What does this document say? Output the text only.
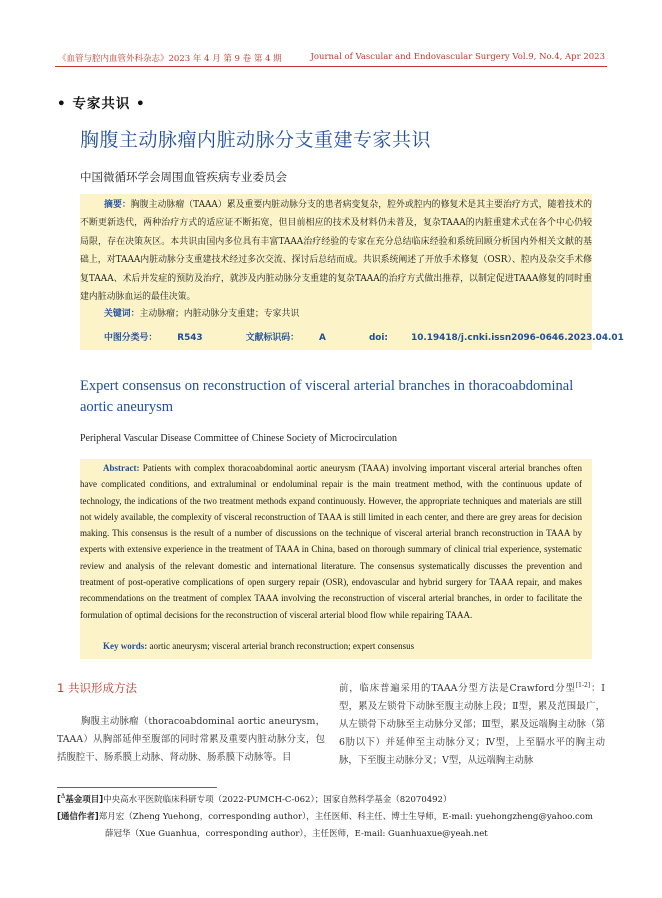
《血管与腔内血管外科杂志》2023 年 4 月 第 9 卷 第 4 期	Journal of Vascular and Endovascular Surgery Vol.9, No.4, Apr 2023
• 专家共识 •
胸腹主动脉瘤内脏动脉分支重建专家共识
中国微循环学会周围血管疾病专业委员会
摘要：胸腹主动脉瘤（TAAA）累及重要内脏动脉分支的患者病变复杂，腔外或腔内的修复术是其主要治疗方式，随着技术的不断更新迭代，两种治疗方式的适应证不断拓宽，但目前相应的技术及材料仍未普及，复杂TAAA的内脏重建术式在各个中心仍较局限，存在决策灰区。本共识由国内多位具有丰富TAAA治疗经验的专家在充分总结临床经验和系统回顾分析国内外相关文献的基础上，对TAAA内脏动脉分支重建技术经过多次交流、探讨后总结而成。共识系统阐述了开放手术修复（OSR）、腔内及杂交手术修复TAAA、术后并发症的预防及治疗，就涉及内脏动脉分支重建的复杂TAAA的治疗方式做出推荐，以制定促进TAAA修复的同时重建内脏动脉血运的最佳决策。
关键词：主动脉瘤；内脏动脉分支重建；专家共识
中图分类号： R543	文献标识码： A	doi: 10.19418/j.cnki.issn2096-0646.2023.04.01
Expert consensus on reconstruction of visceral arterial branches in thoracoabdominal aortic aneurysm
Peripheral Vascular Disease Committee of Chinese Society of Microcirculation
Abstract: Patients with complex thoracoabdominal aortic aneurysm (TAAA) involving important visceral arterial branches often have complicated conditions, and extraluminal or endoluminal repair is the main treatment method, with the continuous update of technology, the indications of the two treatment methods expand continuously. However, the appropriate techniques and materials are still not widely available, the complexity of visceral reconstruction of TAAA is still limited in each center, and there are grey areas for decision making. This consensus is the result of a number of discussions on the technique of visceral arterial branch reconstruction in TAAA by experts with extensive experience in the treatment of TAAA in China, based on thorough summary of clinical trial experience, systematic review and analysis of the relevant domestic and international literature. The consensus systematically discusses the prevention and treatment of post-operative complications of open surgery repair (OSR), endovascular and hybrid surgery for TAAA repair, and makes recommendations on the treatment of complex TAAA involving the reconstruction of visceral arterial branches, in order to facilitate the formulation of optimal decisions for the reconstruction of visceral arterial blood flow while repairing TAAA.
Key words: aortic aneurysm; visceral arterial branch reconstruction; expert consensus
1 共识形成方法
胸腹主动脉瘤（thoracoabdominal aortic aneurysm，TAAA）从胸部延伸至腹部的同时常累及重要内脏动脉分支，包括腹腔干、肠系膜上动脉、肾动脉、肠系膜下动脉等。目
前，临床普遍采用的TAAA分型方法是Crawford分型[1-2]：Ⅰ型，累及左锁骨下动脉至腹主动脉上段；Ⅱ型，累及范围最广，从左锁骨下动脉至主动脉分叉部；Ⅲ型，累及远端胸主动脉（第6肋以下）并延伸至主动脉分叉；Ⅳ型，上至膈水平的胸主动脉，下至腹主动脉分叉；Ⅴ型，从远端胸主动脉
[$^\Delta$基金项目]中央高水平医院临床科研专项（2022-PUMCH-C-062）；国家自然科学基金（82070492）
[通信作者]郑月宏（Zheng Yuehong，corresponding author），主任医师、科主任、博士生导师，E-mail: yuehongzheng@yahoo.com
薛冠华（Xue Guanhua，corresponding author），主任医师，E-mail: Guanhuaxue@yeah.net
